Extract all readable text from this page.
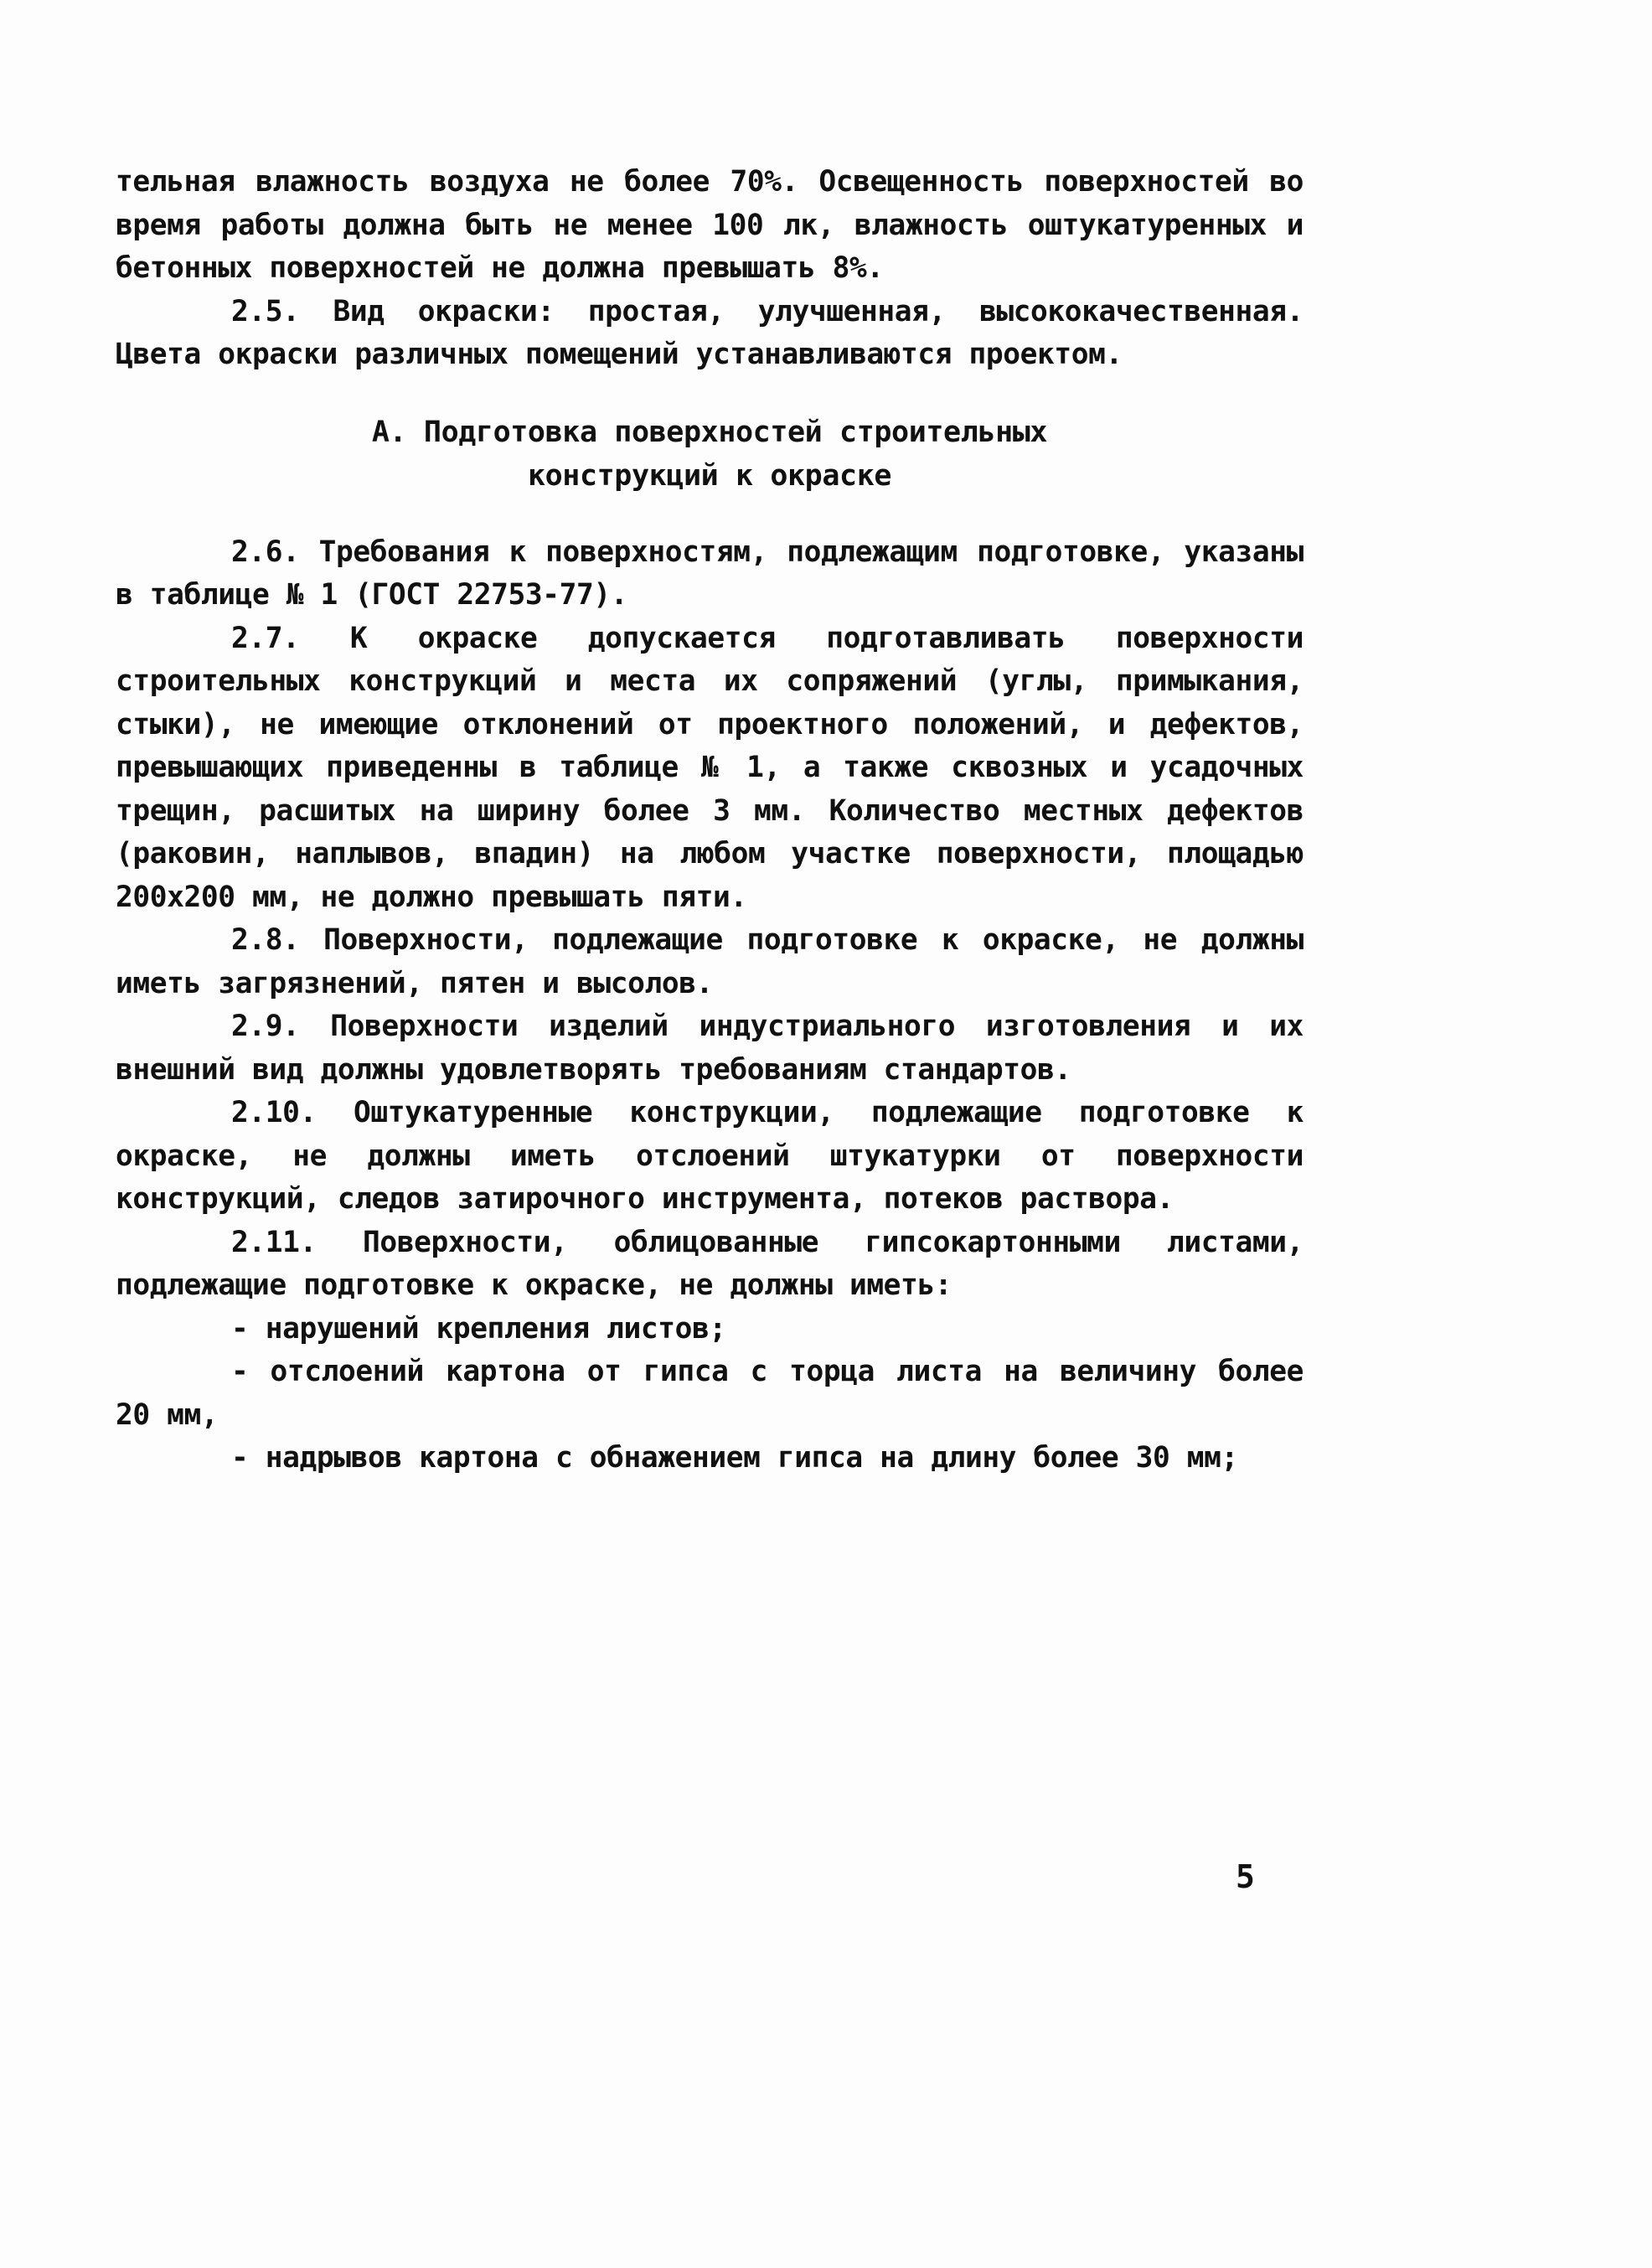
тельная влажность воздуха не более 70%. Освещенность поверхностей во время работы должна быть не менее 100 лк, влажность оштукатуренных и бетонных поверхностей не должна превышать 8%.

2.5. Вид окраски: простая, улучшенная, высококачественная. Цвета окраски различных помещений устанавливаются проектом.

А. Подготовка поверхностей строительных
конструкций к окраске

2.6. Требования к поверхностям, подлежащим подготовке, указаны в таблице № 1 (ГОСТ 22753-77).

2.7. К окраске допускается подготавливать поверхности строительных конструкций и места их сопряжений (углы, примыкания, стыки), не имеющие отклонений от проектного положений, и дефектов, превышающих приведенны в таблице № 1, а также сквозных и усадочных трещин, расшитых на ширину более 3 мм. Количество местных дефектов (раковин, наплывов, впадин) на любом участке поверхности, площадью 200х200 мм, не должно превышать пяти.

2.8. Поверхности, подлежащие подготовке к окраске, не должны иметь загрязнений, пятен и высолов.

2.9. Поверхности изделий индустриального изготовления и их внешний вид должны удовлетворять требованиям стандартов.

2.10. Оштукатуренные конструкции, подлежащие подготовке к окраске, не должны иметь отслоений штукатурки от поверхности конструкций, следов затирочного инструмента, потеков раствора.

2.11. Поверхности, облицованные гипсокартонными листами, подлежащие подготовке к окраске, не должны иметь:

- нарушений крепления листов;

- отслоений картона от гипса с торца листа на величину более 20 мм,

- надрывов картона с обнажением гипса на длину более 30 мм;

5
